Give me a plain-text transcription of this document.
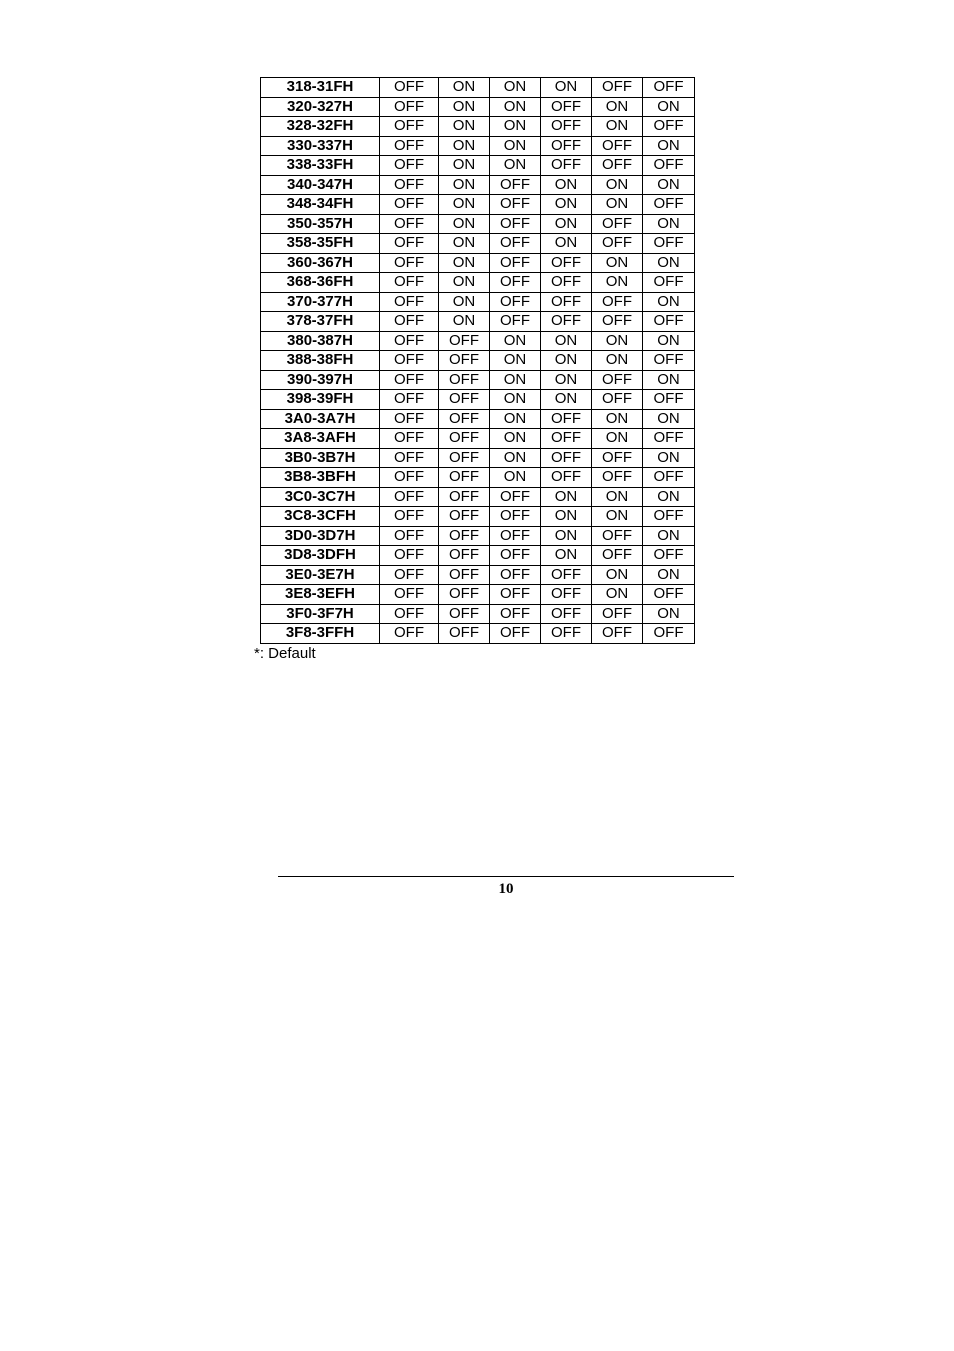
318-31FH	OFF	ON	ON	ON	OFF	OFF
320-327H	OFF	ON	ON	OFF	ON	ON
328-32FH	OFF	ON	ON	OFF	ON	OFF
330-337H	OFF	ON	ON	OFF	OFF	ON
338-33FH	OFF	ON	ON	OFF	OFF	OFF
340-347H	OFF	ON	OFF	ON	ON	ON
348-34FH	OFF	ON	OFF	ON	ON	OFF
350-357H	OFF	ON	OFF	ON	OFF	ON
358-35FH	OFF	ON	OFF	ON	OFF	OFF
360-367H	OFF	ON	OFF	OFF	ON	ON
368-36FH	OFF	ON	OFF	OFF	ON	OFF
370-377H	OFF	ON	OFF	OFF	OFF	ON
378-37FH	OFF	ON	OFF	OFF	OFF	OFF
380-387H	OFF	OFF	ON	ON	ON	ON
388-38FH	OFF	OFF	ON	ON	ON	OFF
390-397H	OFF	OFF	ON	ON	OFF	ON
398-39FH	OFF	OFF	ON	ON	OFF	OFF
3A0-3A7H	OFF	OFF	ON	OFF	ON	ON
3A8-3AFH	OFF	OFF	ON	OFF	ON	OFF
3B0-3B7H	OFF	OFF	ON	OFF	OFF	ON
3B8-3BFH	OFF	OFF	ON	OFF	OFF	OFF
3C0-3C7H	OFF	OFF	OFF	ON	ON	ON
3C8-3CFH	OFF	OFF	OFF	ON	ON	OFF
3D0-3D7H	OFF	OFF	OFF	ON	OFF	ON
3D8-3DFH	OFF	OFF	OFF	ON	OFF	OFF
3E0-3E7H	OFF	OFF	OFF	OFF	ON	ON
3E8-3EFH	OFF	OFF	OFF	OFF	ON	OFF
3F0-3F7H	OFF	OFF	OFF	OFF	OFF	ON
3F8-3FFH	OFF	OFF	OFF	OFF	OFF	OFF
*: Default
10
